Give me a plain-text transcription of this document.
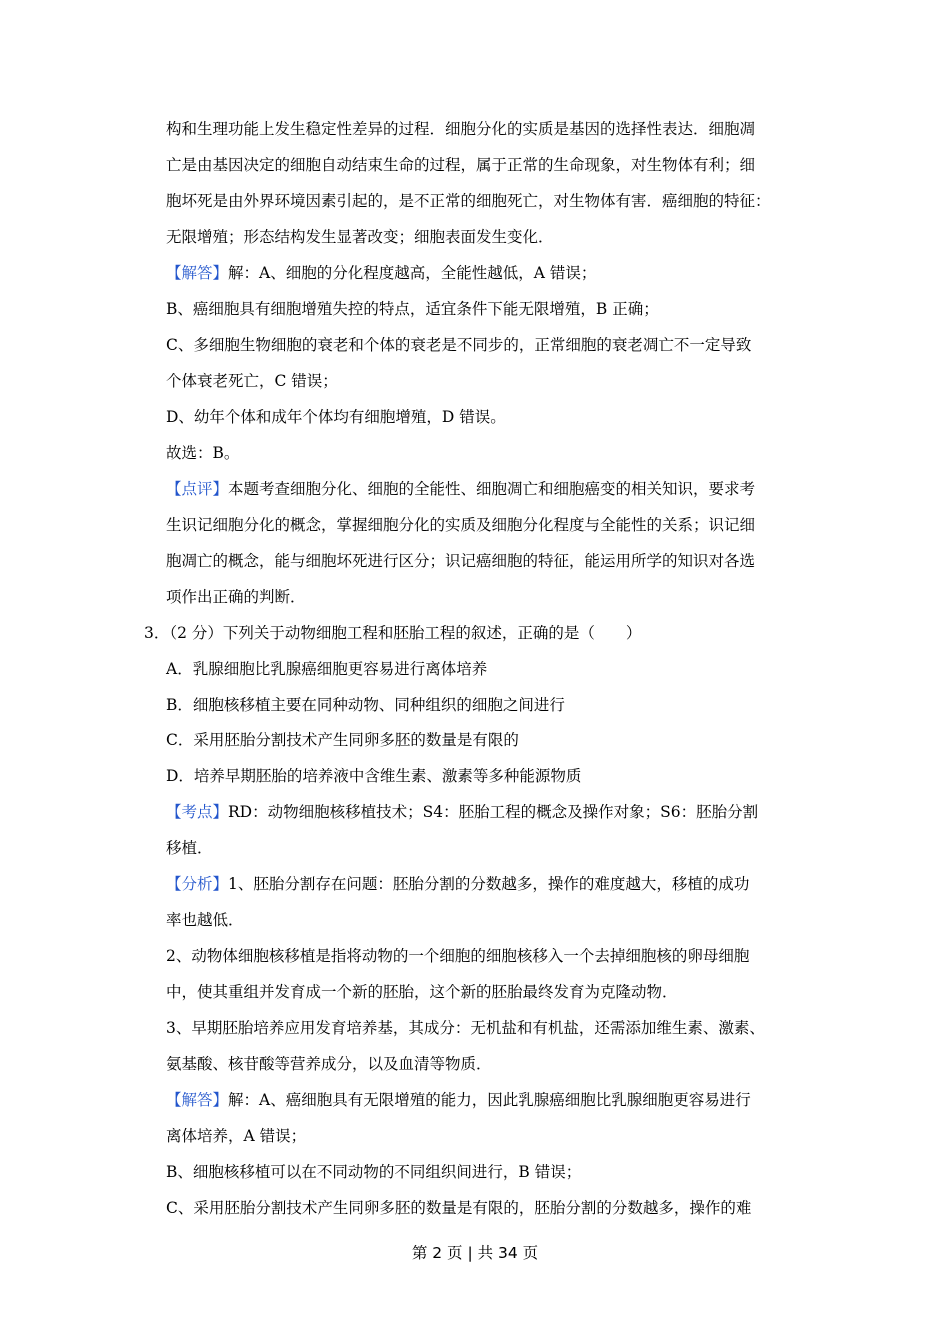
构和生理功能上发生稳定性差异的过程．细胞分化的实质是基因的选择性表达．细胞凋
亡是由基因决定的细胞自动结束生命的过程，属于正常的生命现象，对生物体有利；细
胞坏死是由外界环境因素引起的，是不正常的细胞死亡，对生物体有害．癌细胞的特征：
无限增殖；形态结构发生显著改变；细胞表面发生变化．
【解答】解：A、细胞的分化程度越高，全能性越低，A 错误；
B、癌细胞具有细胞增殖失控的特点，适宜条件下能无限增殖，B 正确；
C、多细胞生物细胞的衰老和个体的衰老是不同步的，正常细胞的衰老凋亡不一定导致
个体衰老死亡，C 错误；
D、幼年个体和成年个体均有细胞增殖，D 错误。
故选：B。
【点评】本题考查细胞分化、细胞的全能性、细胞凋亡和细胞癌变的相关知识，要求考
生识记细胞分化的概念，掌握细胞分化的实质及细胞分化程度与全能性的关系；识记细
胞凋亡的概念，能与细胞坏死进行区分；识记癌细胞的特征，能运用所学的知识对各选
项作出正确的判断．
3．（2 分）下列关于动物细胞工程和胚胎工程的叙述，正确的是（　　）
A．乳腺细胞比乳腺癌细胞更容易进行离体培养
B．细胞核移植主要在同种动物、同种组织的细胞之间进行
C．采用胚胎分割技术产生同卵多胚的数量是有限的
D．培养早期胚胎的培养液中含维生素、激素等多种能源物质
【考点】RD：动物细胞核移植技术；S4：胚胎工程的概念及操作对象；S6：胚胎分割
移植．
【分析】1、胚胎分割存在问题：胚胎分割的分数越多，操作的难度越大，移植的成功
率也越低．
2、动物体细胞核移植是指将动物的一个细胞的细胞核移入一个去掉细胞核的卵母细胞
中，使其重组并发育成一个新的胚胎，这个新的胚胎最终发育为克隆动物．
3、早期胚胎培养应用发育培养基，其成分：无机盐和有机盐，还需添加维生素、激素、
氨基酸、核苷酸等营养成分，以及血清等物质．
【解答】解：A、癌细胞具有无限增殖的能力，因此乳腺癌细胞比乳腺细胞更容易进行
离体培养，A 错误；
B、细胞核移植可以在不同动物的不同组织间进行，B 错误；
C、采用胚胎分割技术产生同卵多胚的数量是有限的，胚胎分割的分数越多，操作的难
第 2 页 | 共 34 页
